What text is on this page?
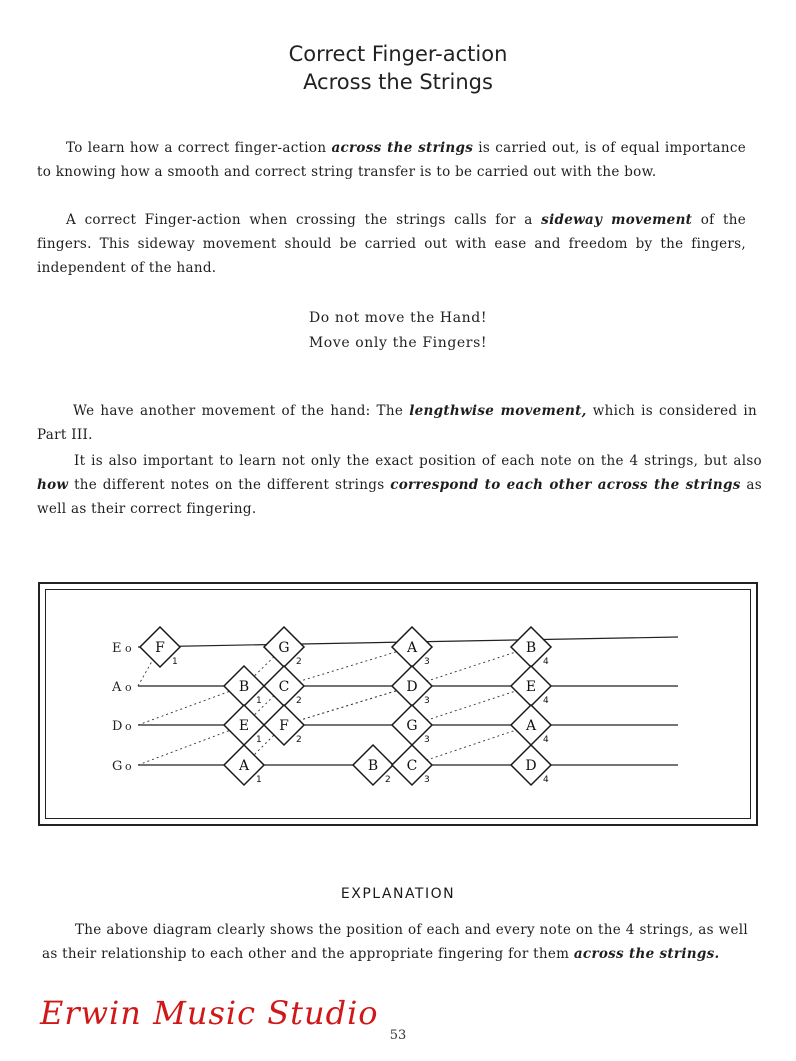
Correct Finger-action
Across the Strings
To learn how a correct finger-action across the strings is carried out, is of equal importance to knowing how a smooth and correct string transfer is to be carried out with the bow.
A correct Finger-action when crossing the strings calls for a sideway movement of the fingers. This sideway movement should be carried out with ease and freedom by the fingers, independent of the hand.
Do not move the Hand!
Move only the Fingers!
We have another movement of the hand: The lengthwise movement, which is considered in Part III.
It is also important to learn not only the exact position of each note on the 4 strings, but also how the different notes on the different strings correspond to each other across the strings as well as their correct fingering.
E o
A o
D o
G o
F
1
G
2
A
3
B
4
B
1
C
2
D
3
E
4
E
1
F
2
G
3
A
4
A
1
B
2
C
3
D
4
EXPLANATION
The above diagram clearly shows the position of each and every note on the 4 strings, as well as their relationship to each other and the appropriate fingering for them across the strings.
Erwin Music Studio
53
